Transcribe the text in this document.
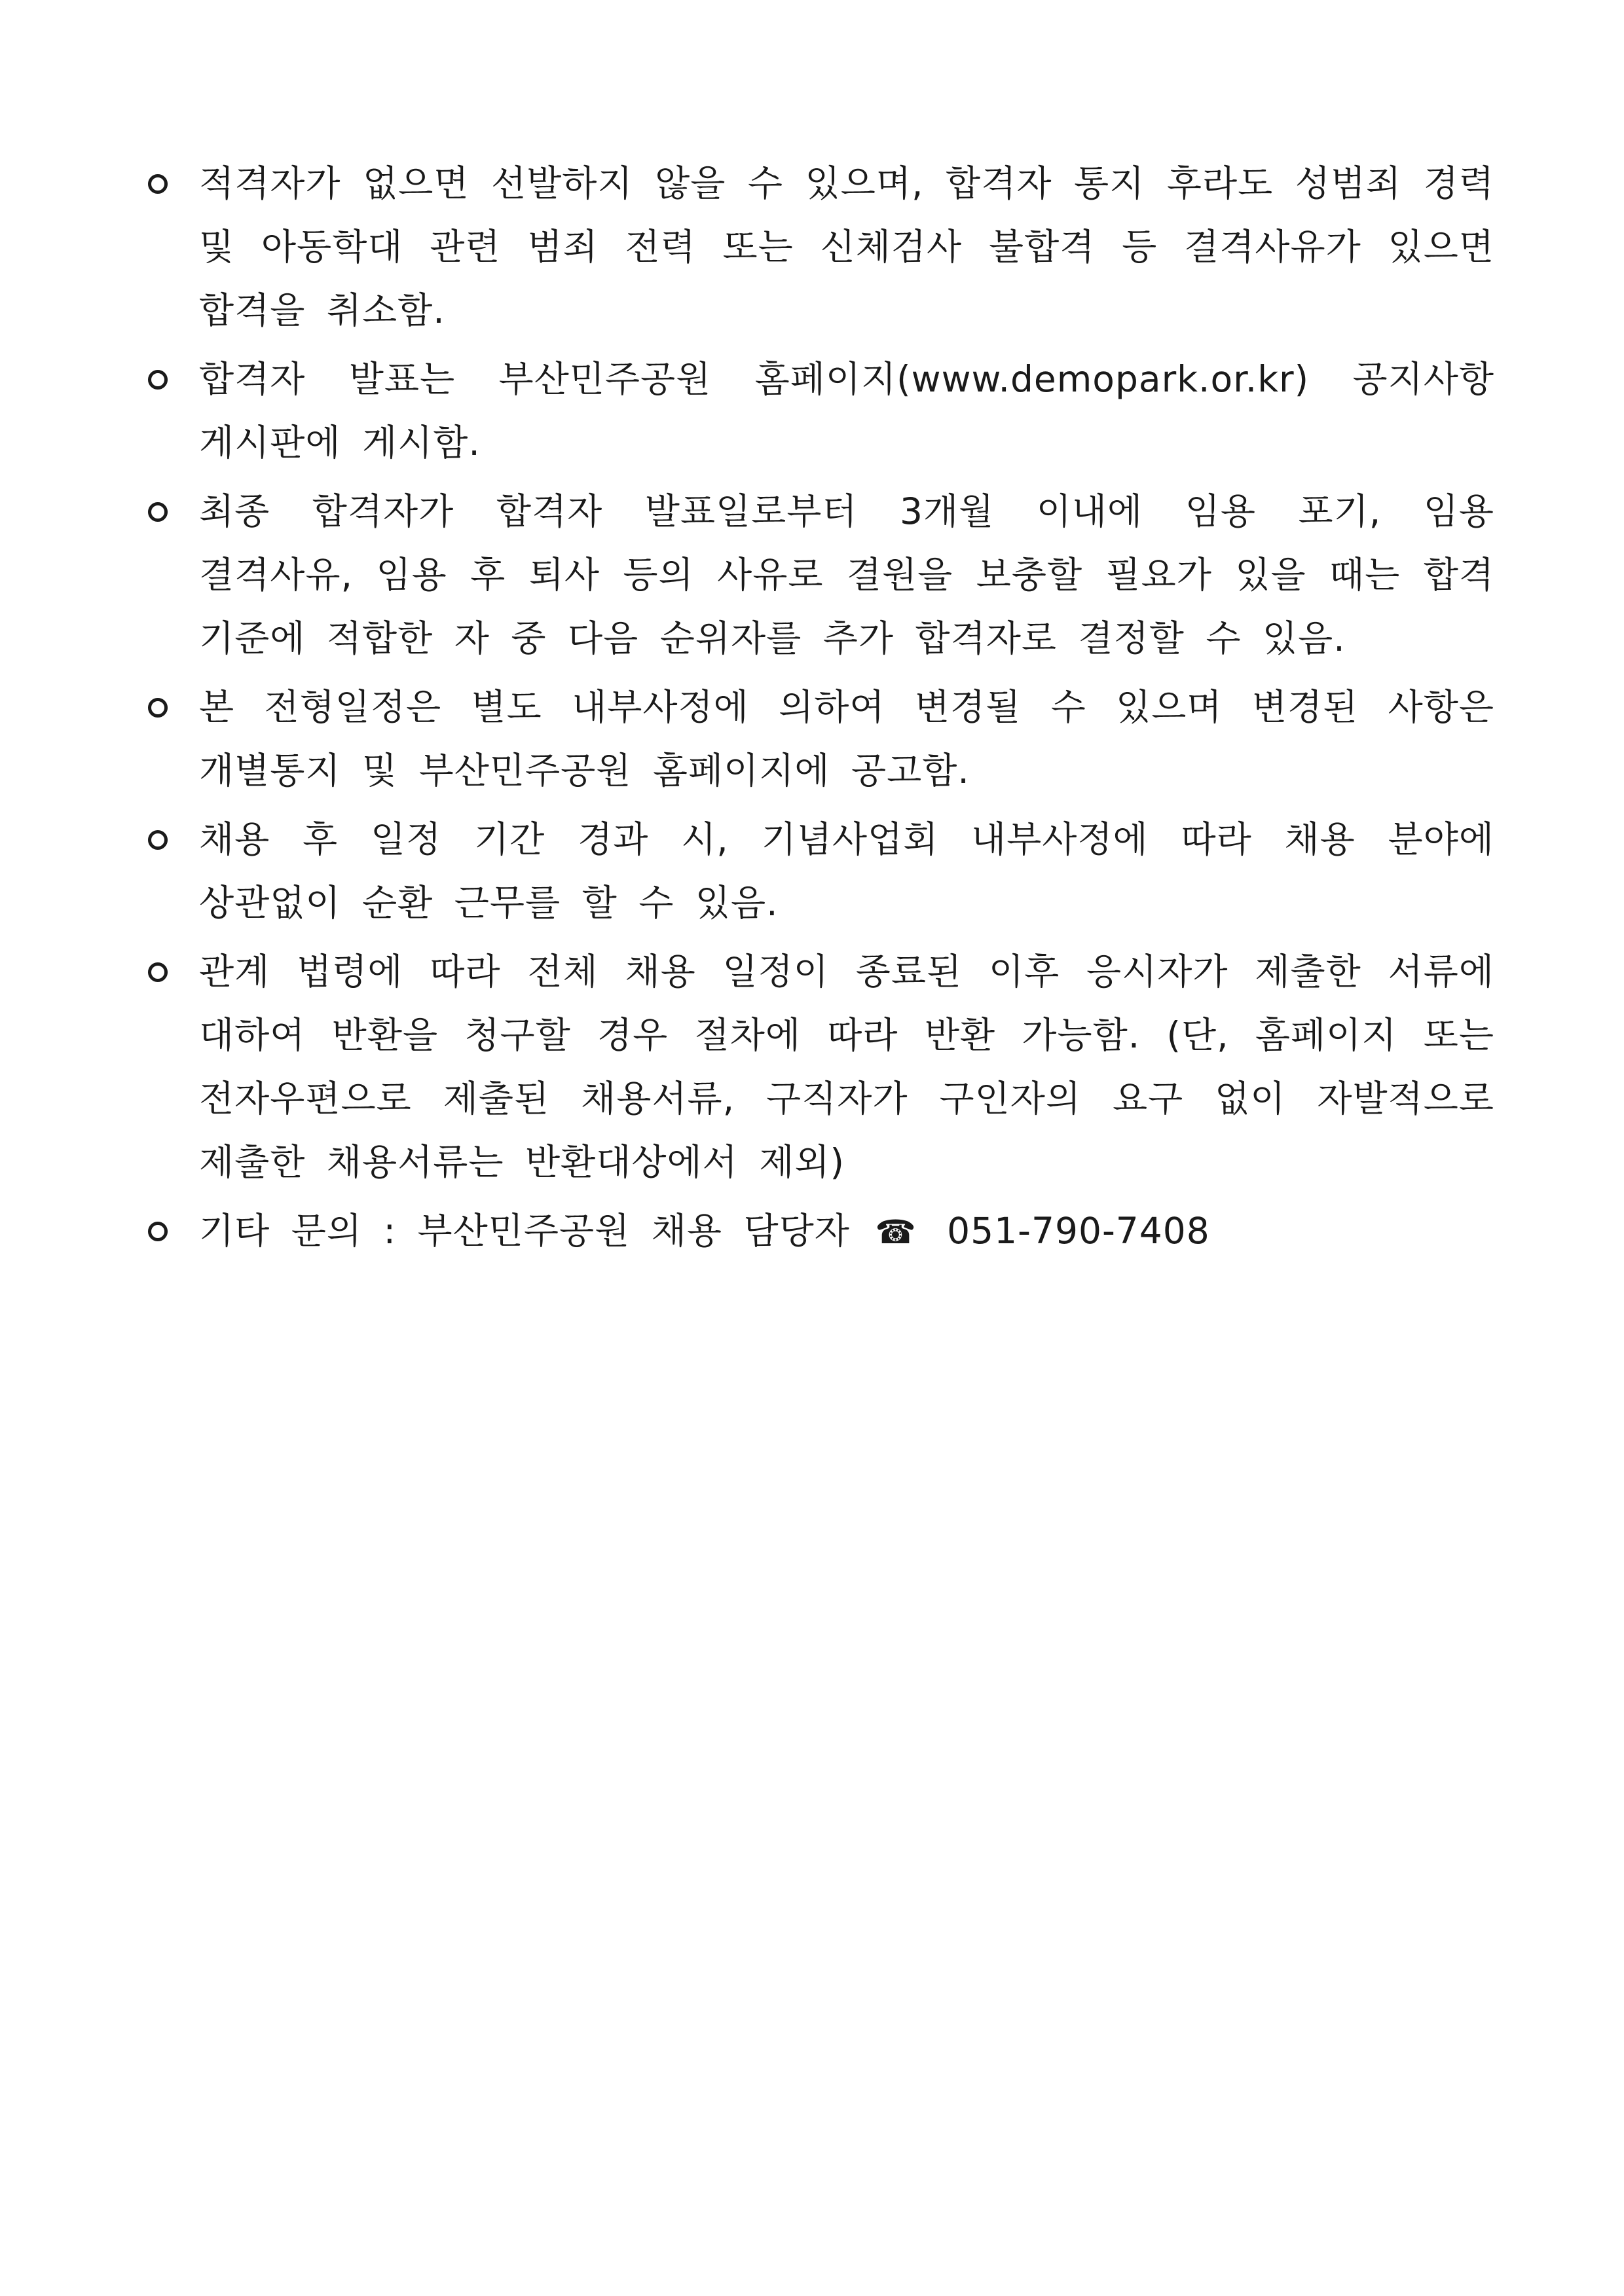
적격자가 없으면 선발하지 않을 수 있으며, 합격자 통지 후라도 성범죄 경력 및 아동학대 관련 범죄 전력 또는 신체검사 불합격 등 결격사유가 있으면 합격을 취소함.
합격자 발표는 부산민주공원 홈페이지(www.demopark.or.kr) 공지사항 게시판에 게시함.
최종 합격자가 합격자 발표일로부터 3개월 이내에 임용 포기, 임용 결격사유, 임용 후 퇴사 등의 사유로 결원을 보충할 필요가 있을 때는 합격 기준에 적합한 자 중 다음 순위자를 추가 합격자로 결정할 수 있음.
본 전형일정은 별도 내부사정에 의하여 변경될 수 있으며 변경된 사항은 개별통지 및 부산민주공원 홈페이지에 공고함.
채용 후 일정 기간 경과 시, 기념사업회 내부사정에 따라 채용 분야에 상관없이 순환 근무를 할 수 있음.
관계 법령에 따라 전체 채용 일정이 종료된 이후 응시자가 제출한 서류에 대하여 반환을 청구할 경우 절차에 따라 반환 가능함. (단, 홈페이지 또는 전자우편으로 제출된 채용서류, 구직자가 구인자의 요구 없이 자발적으로 제출한 채용서류는 반환대상에서 제외)
기타 문의 : 부산민주공원 채용 담당자 ☎ 051-790-7408
